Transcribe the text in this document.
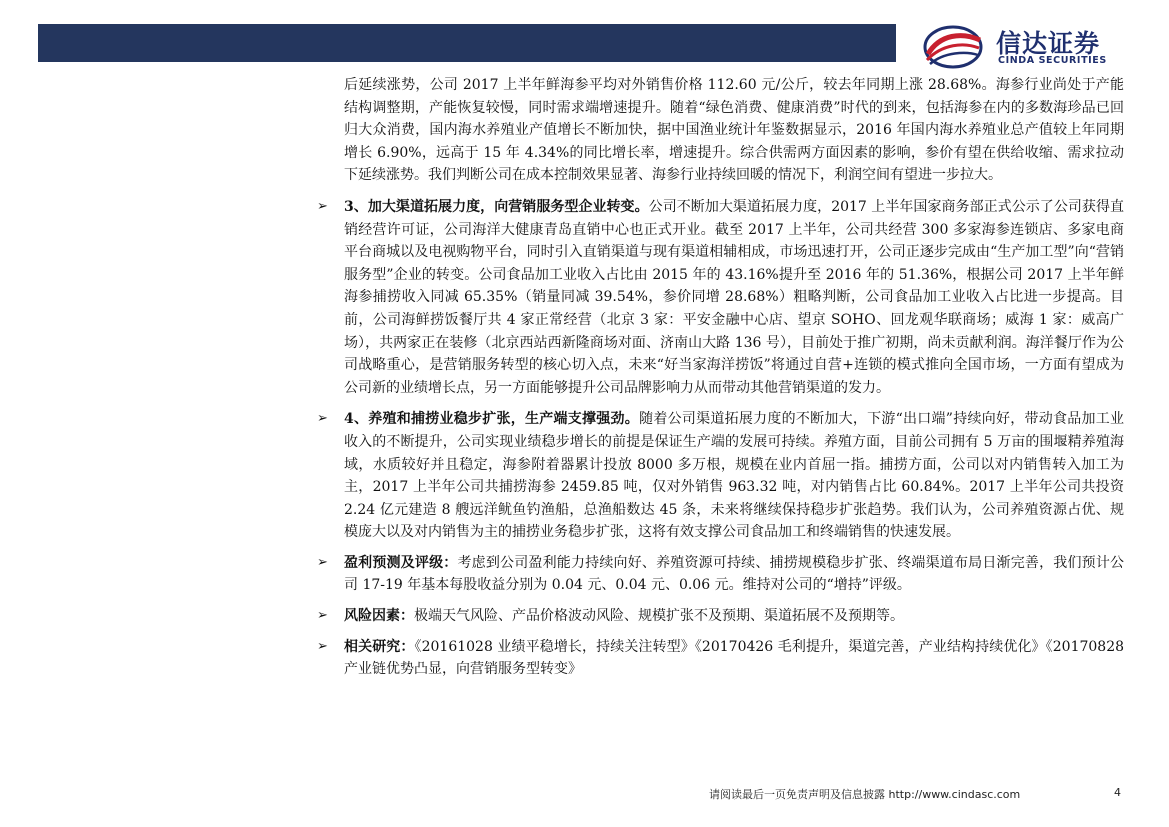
信达证券
CINDA SECURITIES

后延续涨势，公司 2017 上半年鲜海参平均对外销售价格 112.60 元/公斤，较去年同期上涨 28.68%。海参行业尚处于产能结构调整期，产能恢复较慢，同时需求端增速提升。随着“绿色消费、健康消费”时代的到来，包括海参在内的多数海珍品已回归大众消费，国内海水养殖业产值增长不断加快，据中国渔业统计年鉴数据显示，2016 年国内海水养殖业总产值较上年同期增长 6.90%，远高于 15 年 4.34%的同比增长率，增速提升。综合供需两方面因素的影响，参价有望在供给收缩、需求拉动下延续涨势。我们判断公司在成本控制效果显著、海参行业持续回暖的情况下，利润空间有望进一步拉大。

➢ 3、加大渠道拓展力度，向营销服务型企业转变。公司不断加大渠道拓展力度，2017 上半年国家商务部正式公示了公司获得直销经营许可证，公司海洋大健康青岛直销中心也正式开业。截至 2017 上半年，公司共经营 300 多家海参连锁店、多家电商平台商城以及电视购物平台，同时引入直销渠道与现有渠道相辅相成，市场迅速打开，公司正逐步完成由“生产加工型”向“营销服务型”企业的转变。公司食品加工业收入占比由 2015 年的 43.16%提升至 2016 年的 51.36%，根据公司 2017 上半年鲜海参捕捞收入同减 65.35%（销量同减 39.54%，参价同增 28.68%）粗略判断，公司食品加工业收入占比进一步提高。目前，公司海鲜捞饭餐厅共 4 家正常经营（北京 3 家：平安金融中心店、望京 SOHO、回龙观华联商场；威海 1 家：威高广场），共两家正在装修（北京西站西新隆商场对面、济南山大路 136 号），目前处于推广初期，尚未贡献利润。海洋餐厅作为公司战略重心，是营销服务转型的核心切入点，未来“好当家海洋捞饭”将通过自营+连锁的模式推向全国市场，一方面有望成为公司新的业绩增长点，另一方面能够提升公司品牌影响力从而带动其他营销渠道的发力。

➢ 4、养殖和捕捞业稳步扩张，生产端支撑强劲。随着公司渠道拓展力度的不断加大，下游“出口端”持续向好，带动食品加工业收入的不断提升，公司实现业绩稳步增长的前提是保证生产端的发展可持续。养殖方面，目前公司拥有 5 万亩的围堰精养殖海域，水质较好并且稳定，海参附着器累计投放 8000 多万根，规模在业内首屈一指。捕捞方面，公司以对内销售转入加工为主，2017 上半年公司共捕捞海参 2459.85 吨，仅对外销售 963.32 吨，对内销售占比 60.84%。2017 上半年公司共投资 2.24 亿元建造 8 艘远洋鱿鱼钓渔船，总渔船数达 45 条，未来将继续保持稳步扩张趋势。我们认为，公司养殖资源占优、规模庞大以及对内销售为主的捕捞业务稳步扩张，这将有效支撑公司食品加工和终端销售的快速发展。

➢ 盈利预测及评级：考虑到公司盈利能力持续向好、养殖资源可持续、捕捞规模稳步扩张、终端渠道布局日渐完善，我们预计公司 17-19 年基本每股收益分别为 0.04 元、0.04 元、0.06 元。维持对公司的“增持”评级。

➢ 风险因素：极端天气风险、产品价格波动风险、规模扩张不及预期、渠道拓展不及预期等。

➢ 相关研究：《20161028 业绩平稳增长，持续关注转型》《20170426 毛利提升，渠道完善，产业结构持续优化》《20170828 产业链优势凸显，向营销服务型转变》

请阅读最后一页免责声明及信息披露 http://www.cindasc.com	4
